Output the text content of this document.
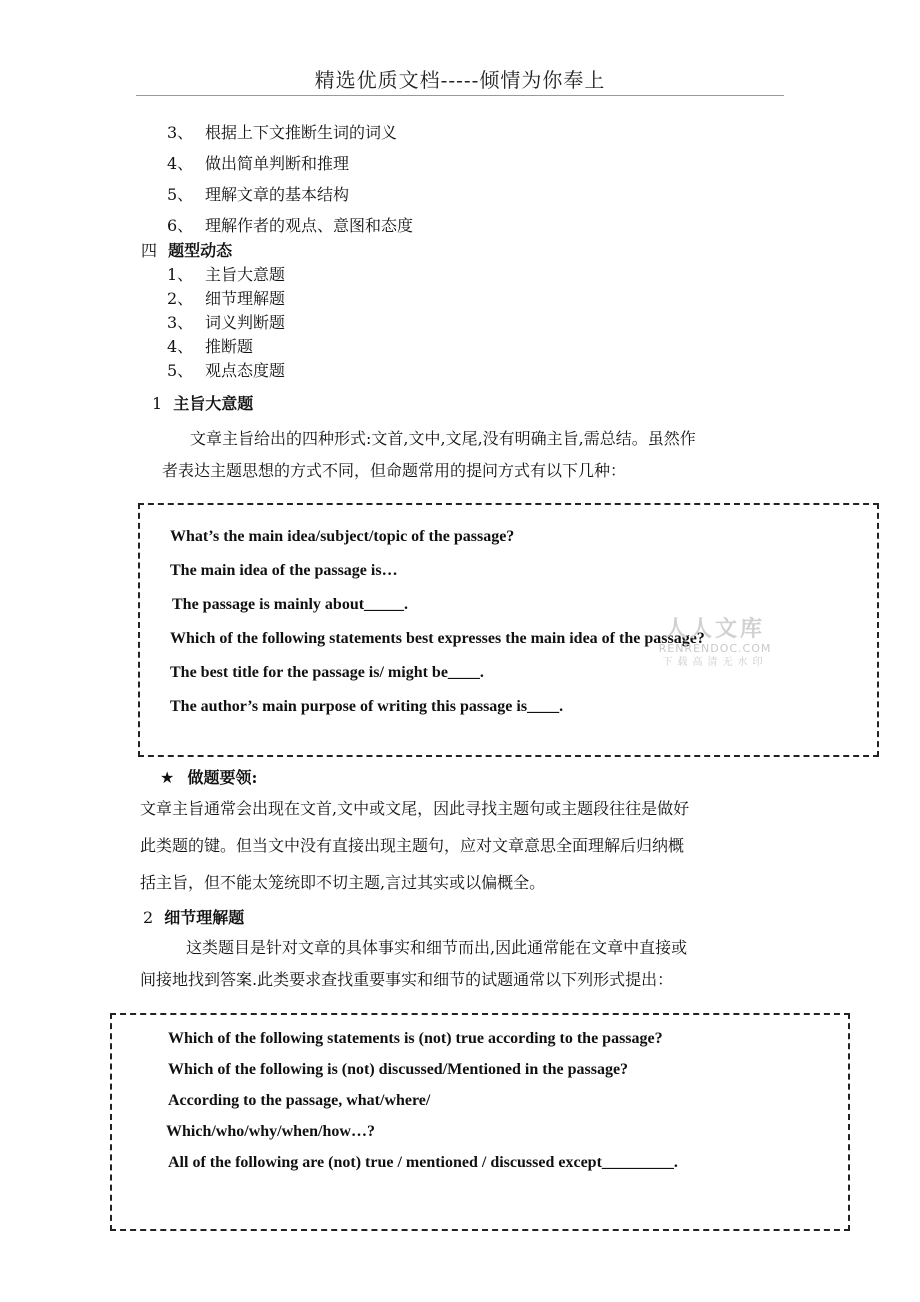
精选优质文档-----倾情为你奉上
3、 根据上下文推断生词的词义
4、 做出简单判断和推理
5、 理解文章的基本结构
6、 理解作者的观点、意图和态度
四 题型动态
1、 主旨大意题
2、 细节理解题
3、 词义判断题
4、 推断题
5、 观点态度题
1 主旨大意题
文章主旨给出的四种形式:文首,文中,文尾,没有明确主旨,需总结。虽然作
者表达主题思想的方式不同，但命题常用的提问方式有以下几种：
What’s the main idea/subject/topic of the passage?
The main idea of the passage is…
The passage is mainly about_____.
Which of the following statements best expresses the main idea of the passage?
The best title for the passage is/ might be____.
The author’s main purpose of writing this passage is____.
人人文库
RENRENDOC.COM
下载高清无水印
★ 做题要领:
文章主旨通常会出现在文首,文中或文尾，因此寻找主题句或主题段往往是做好
此类题的键。但当文中没有直接出现主题句，应对文章意思全面理解后归纳概
括主旨，但不能太笼统即不切主题,言过其实或以偏概全。
2 细节理解题
这类题目是针对文章的具体事实和细节而出,因此通常能在文章中直接或
间接地找到答案.此类要求查找重要事实和细节的试题通常以下列形式提出：
Which of the following statements is (not) true according to the passage?
Which of the following is (not) discussed/Mentioned in the passage?
According to the passage, what/where/
Which/who/why/when/how…?
All of the following are (not) true / mentioned / discussed except_________.
